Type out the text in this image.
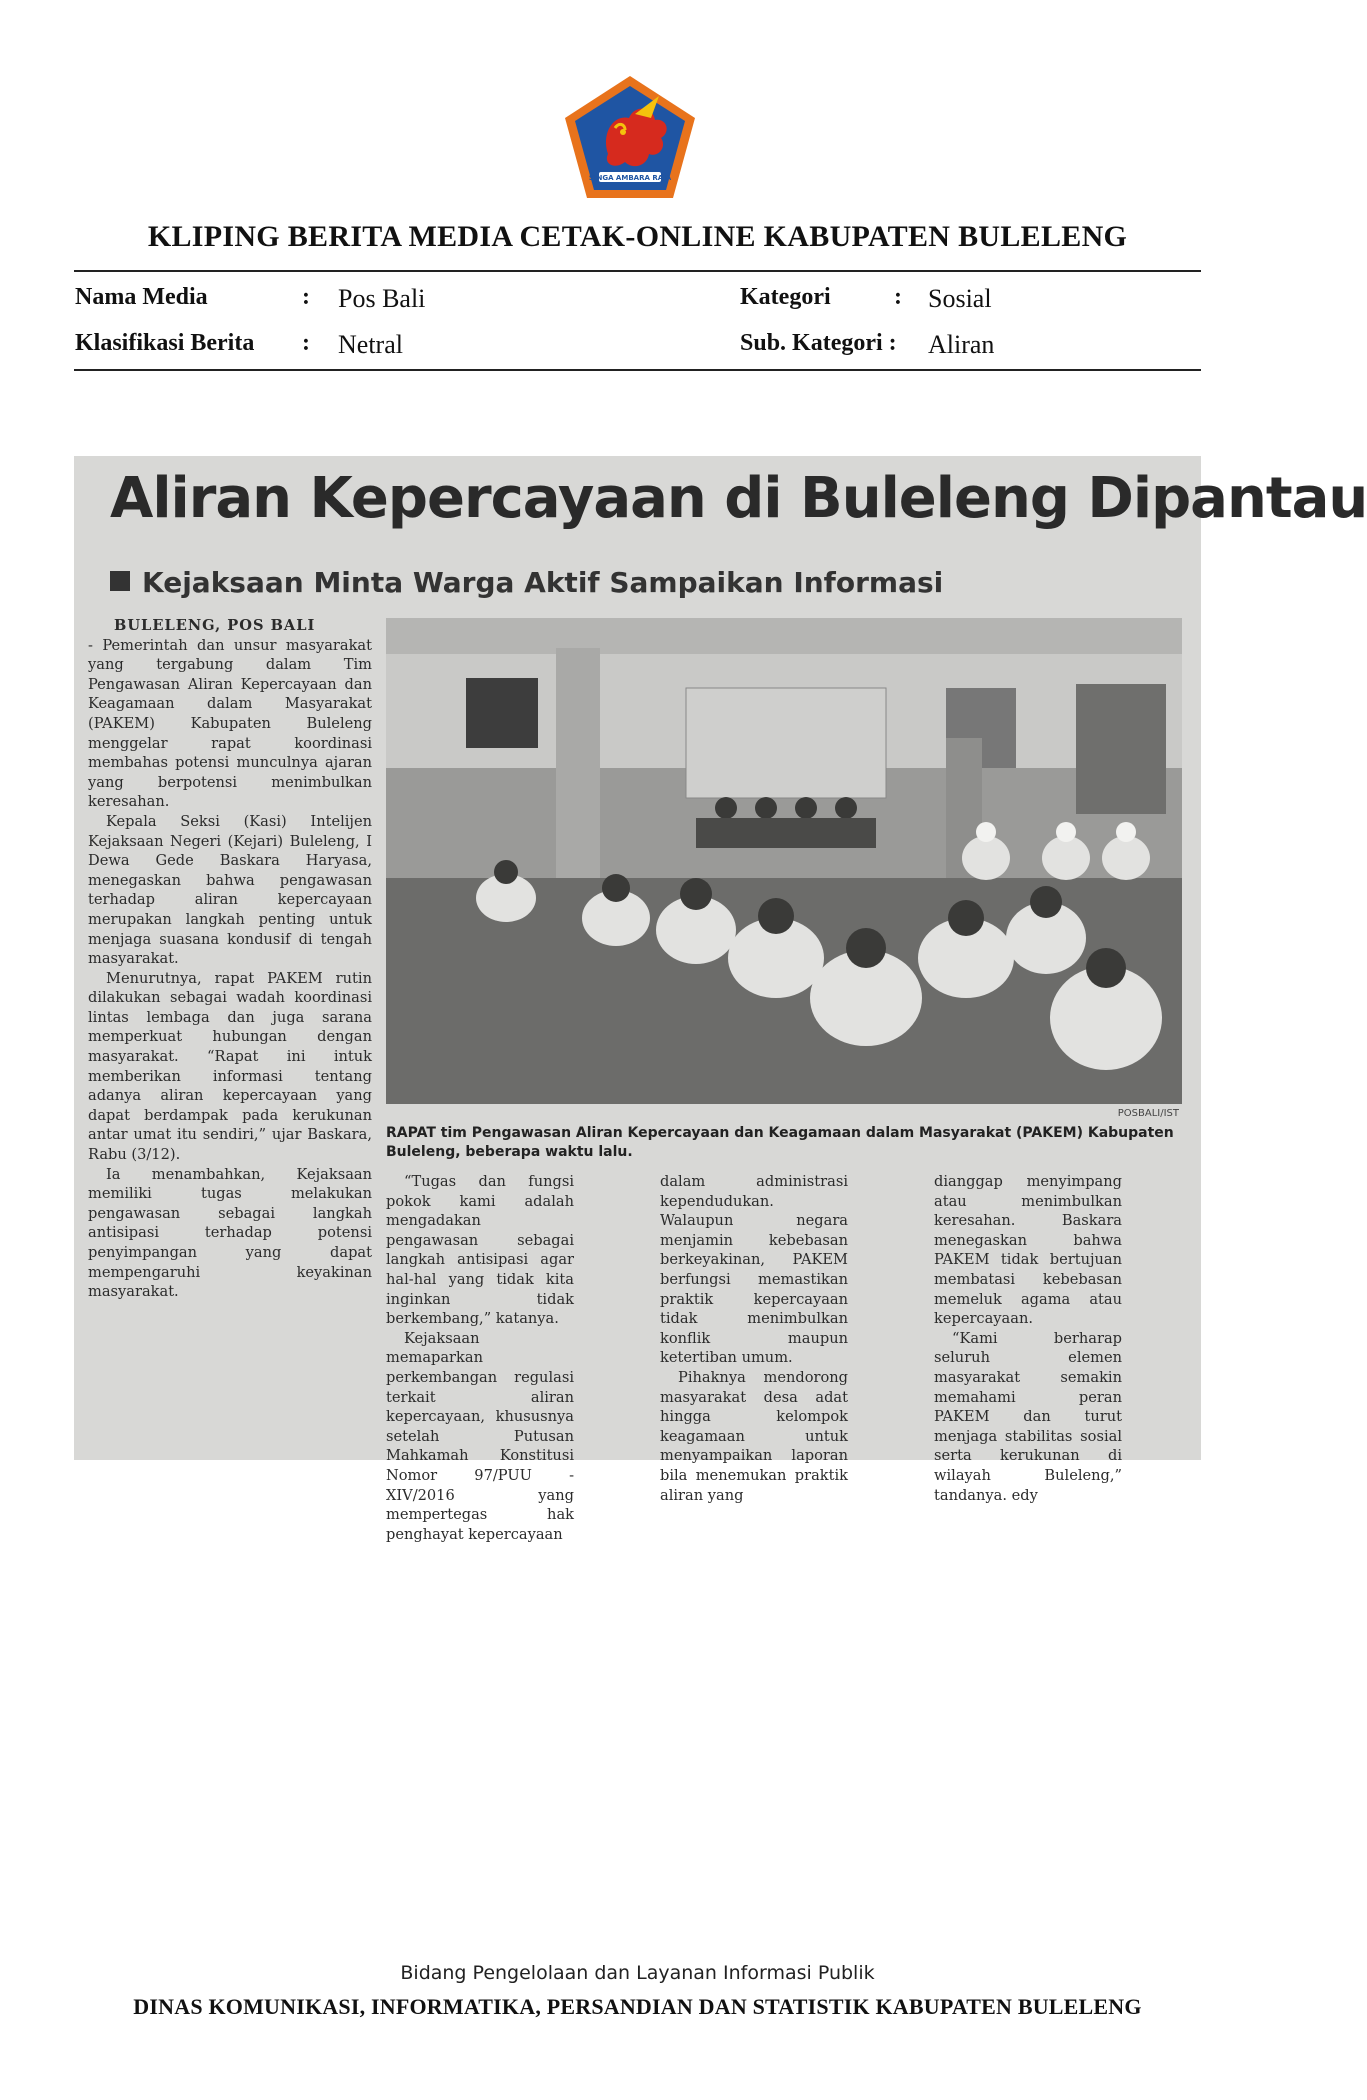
SINGA AMBARA RAJA
KLIPING BERITA MEDIA CETAK-ONLINE KABUPATEN BULELENG
Nama Media	: Pos Bali
Klasifikasi Berita : Netral
Kategori	: Sosial
Sub. Kategori : Aliran
Aliran Kepercayaan di Buleleng Dipantau
Kejaksaan Minta Warga Aktif Sampaikan Informasi

BULELENG, POS BALI

- Pemerintah dan unsur masyarakat yang tergabung dalam Tim Pengawasan Aliran Kepercayaan dan Keagamaan dalam Masyarakat (PAKEM) Kabupaten Buleleng menggelar rapat koordinasi membahas potensi munculnya ajaran yang berpotensi menimbulkan keresahan.

Kepala Seksi (Kasi) Intelijen Kejaksaan Negeri (Kejari) Buleleng, I Dewa Gede Baskara Haryasa, menegaskan bahwa pengawasan terhadap aliran kepercayaan merupakan langkah penting untuk menjaga suasana kondusif di tengah masyarakat.

Menurutnya, rapat PAKEM rutin dilakukan sebagai wadah koordinasi lintas lembaga dan juga sarana memperkuat hubungan dengan masyarakat. “Rapat ini intuk memberikan informasi tentang adanya aliran kepercayaan yang dapat berdampak pada kerukunan antar umat itu sendiri,” ujar Baskara, Rabu (3/12).

Ia menambahkan, Kejaksaan memiliki tugas melakukan pengawasan sebagai langkah antisipasi terhadap potensi penyimpangan yang dapat mempengaruhi keyakinan masyarakat.

POSBALI/IST
RAPAT tim Pengawasan Aliran Kepercayaan dan Keagamaan dalam Masyarakat (PAKEM) Kabupaten Buleleng, beberapa waktu lalu.

“Tugas dan fungsi pokok kami adalah mengadakan pengawasan sebagai langkah antisipasi agar hal-hal yang tidak kita inginkan tidak berkembang,” katanya.

Kejaksaan memaparkan perkembangan regulasi terkait aliran kepercayaan, khususnya setelah Putusan Mahkamah Konstitusi Nomor 97/PUU -XIV/2016 yang mempertegas hak penghayat kepercayaan

dalam administrasi kependudukan. Walaupun negara menjamin kebebasan berkeyakinan, PAKEM berfungsi memastikan praktik kepercayaan tidak menimbulkan konflik maupun ketertiban umum.

Pihaknya mendorong masyarakat desa adat hingga kelompok keagamaan untuk menyampaikan laporan bila menemukan praktik aliran yang

dianggap menyimpang atau menimbulkan keresahan. Baskara menegaskan bahwa PAKEM tidak bertujuan membatasi kebebasan memeluk agama atau kepercayaan.

“Kami berharap seluruh elemen masyarakat semakin memahami peran PAKEM dan turut menjaga stabilitas sosial serta kerukunan di wilayah Buleleng,” tandanya. edy

Bidang Pengelolaan dan Layanan Informasi Publik
DINAS KOMUNIKASI, INFORMATIKA, PERSANDIAN DAN STATISTIK KABUPATEN BULELENG
